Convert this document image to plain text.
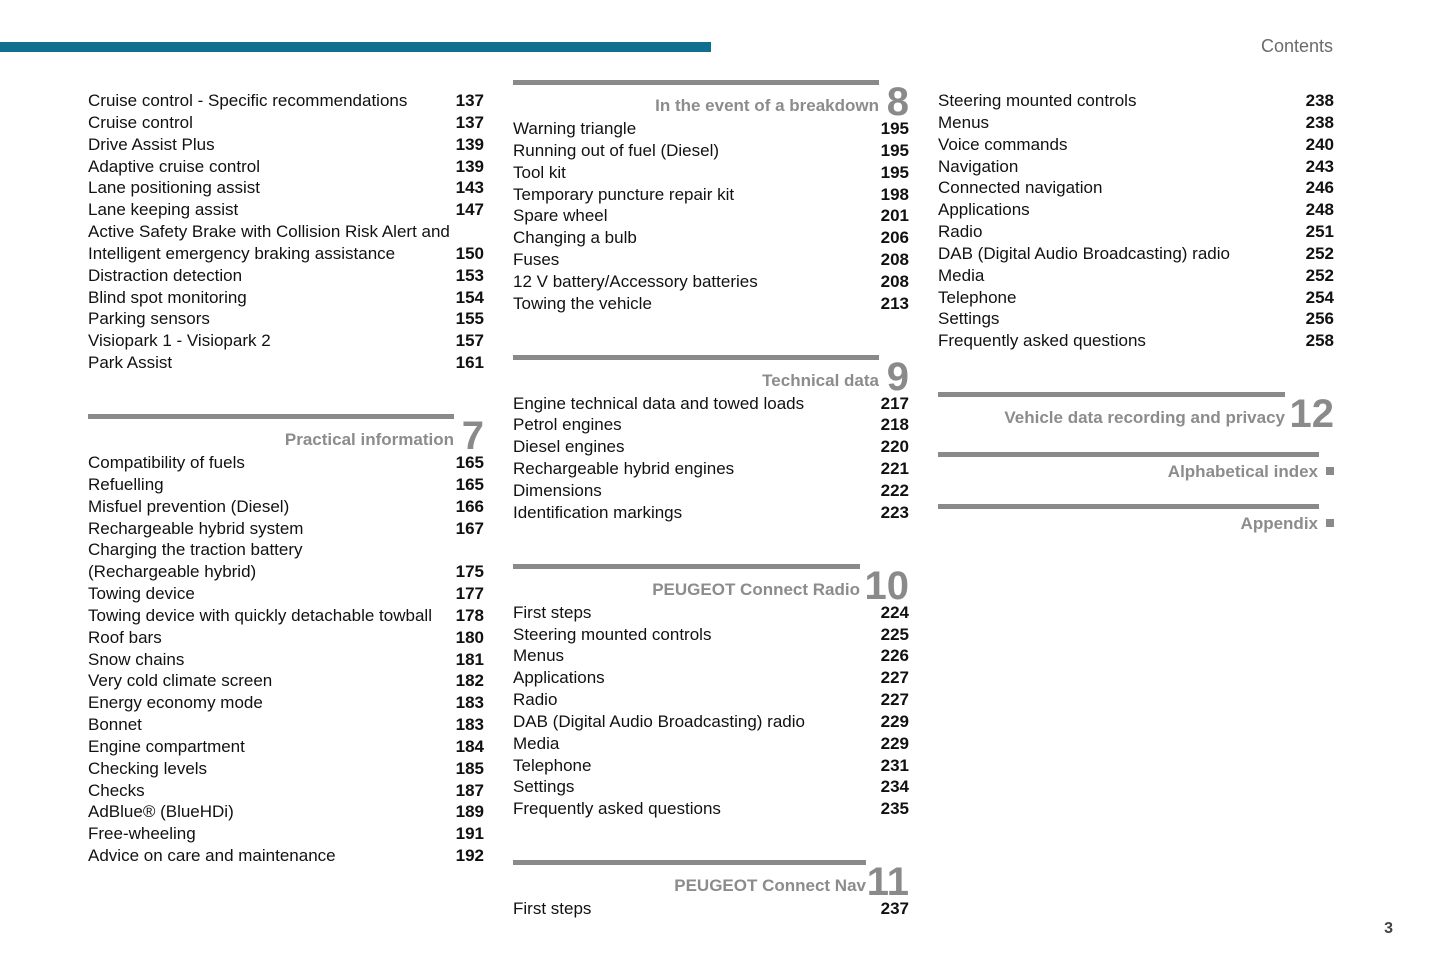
Contents
Cruise control - Specific recommendations	137
Cruise control	137
Drive Assist Plus	139
Adaptive cruise control	139
Lane positioning assist	143
Lane keeping assist	147
Active Safety Brake with Collision Risk Alert and
Intelligent emergency braking assistance	150
Distraction detection	153
Blind spot monitoring	154
Parking sensors	155
Visiopark 1 - Visiopark 2	157
Park Assist	161
Practical information 7
Compatibility of fuels	165
Refuelling	165
Misfuel prevention (Diesel)	166
Rechargeable hybrid system	167
Charging the traction battery
(Rechargeable hybrid)	175
Towing device	177
Towing device with quickly detachable towball 178
Roof bars	180
Snow chains	181
Very cold climate screen	182
Energy economy mode	183
Bonnet	183
Engine compartment	184
Checking levels	185
Checks	187
AdBlue® (BlueHDi)	189
Free-wheeling	191
Advice on care and maintenance	192
In the event of a breakdown 8
Warning triangle	195
Running out of fuel (Diesel)	195
Tool kit	195
Temporary puncture repair kit	198
Spare wheel	201
Changing a bulb	206
Fuses	208
12 V battery/Accessory batteries	208
Towing the vehicle	213
Technical data 9
Engine technical data and towed loads	217
Petrol engines	218
Diesel engines	220
Rechargeable hybrid engines	221
Dimensions	222
Identification markings	223
PEUGEOT Connect Radio 10
First steps	224
Steering mounted controls	225
Menus	226
Applications	227
Radio	227
DAB (Digital Audio Broadcasting) radio	229
Media	229
Telephone	231
Settings	234
Frequently asked questions	235
PEUGEOT Connect Nav 11
First steps	237
Steering mounted controls	238
Menus	238
Voice commands	240
Navigation	243
Connected navigation	246
Applications	248
Radio	251
DAB (Digital Audio Broadcasting) radio	252
Media	252
Telephone	254
Settings	256
Frequently asked questions	258
Vehicle data recording and privacy 12
Alphabetical index
Appendix
3
